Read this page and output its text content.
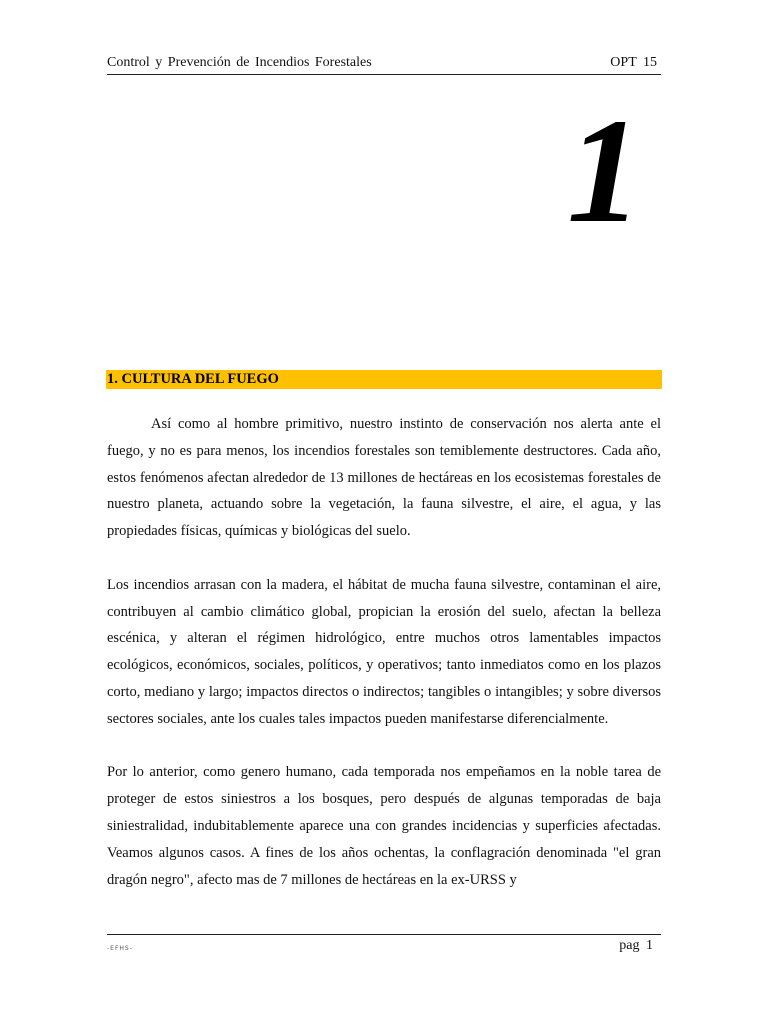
Control y Prevención de Incendios Forestales	OPT 15
1
1. CULTURA DEL FUEGO

Así como al hombre primitivo, nuestro instinto de conservación nos alerta ante el fuego, y no es para menos, los incendios forestales son temiblemente destructores. Cada año, estos fenómenos afectan alrededor de 13 millones de hectáreas en los ecosistemas forestales de nuestro planeta, actuando sobre la vegetación, la fauna silvestre, el aire, el agua, y las propiedades físicas, químicas y biológicas del suelo.

Los incendios arrasan con la madera, el hábitat de mucha fauna silvestre, contaminan el aire, contribuyen al cambio climático global, propician la erosión del suelo, afectan la belleza escénica, y alteran el régimen hidrológico, entre muchos otros lamentables impactos ecológicos, económicos, sociales, políticos, y operativos; tanto inmediatos como en los plazos corto, mediano y largo; impactos directos o indirectos; tangibles o intangibles; y sobre diversos sectores sociales, ante los cuales tales impactos pueden manifestarse diferencialmente.

Por lo anterior, como genero humano, cada temporada nos empeñamos en la noble tarea de proteger de estos siniestros a los bosques, pero después de algunas temporadas de baja siniestralidad, indubitablemente aparece una con grandes incidencias y superficies afectadas. Veamos algunos casos. A fines de los años ochentas, la conflagración denominada "el gran dragón negro", afecto mas de 7 millones de hectáreas en la ex-URSS y

-EFHS-	pag 1
